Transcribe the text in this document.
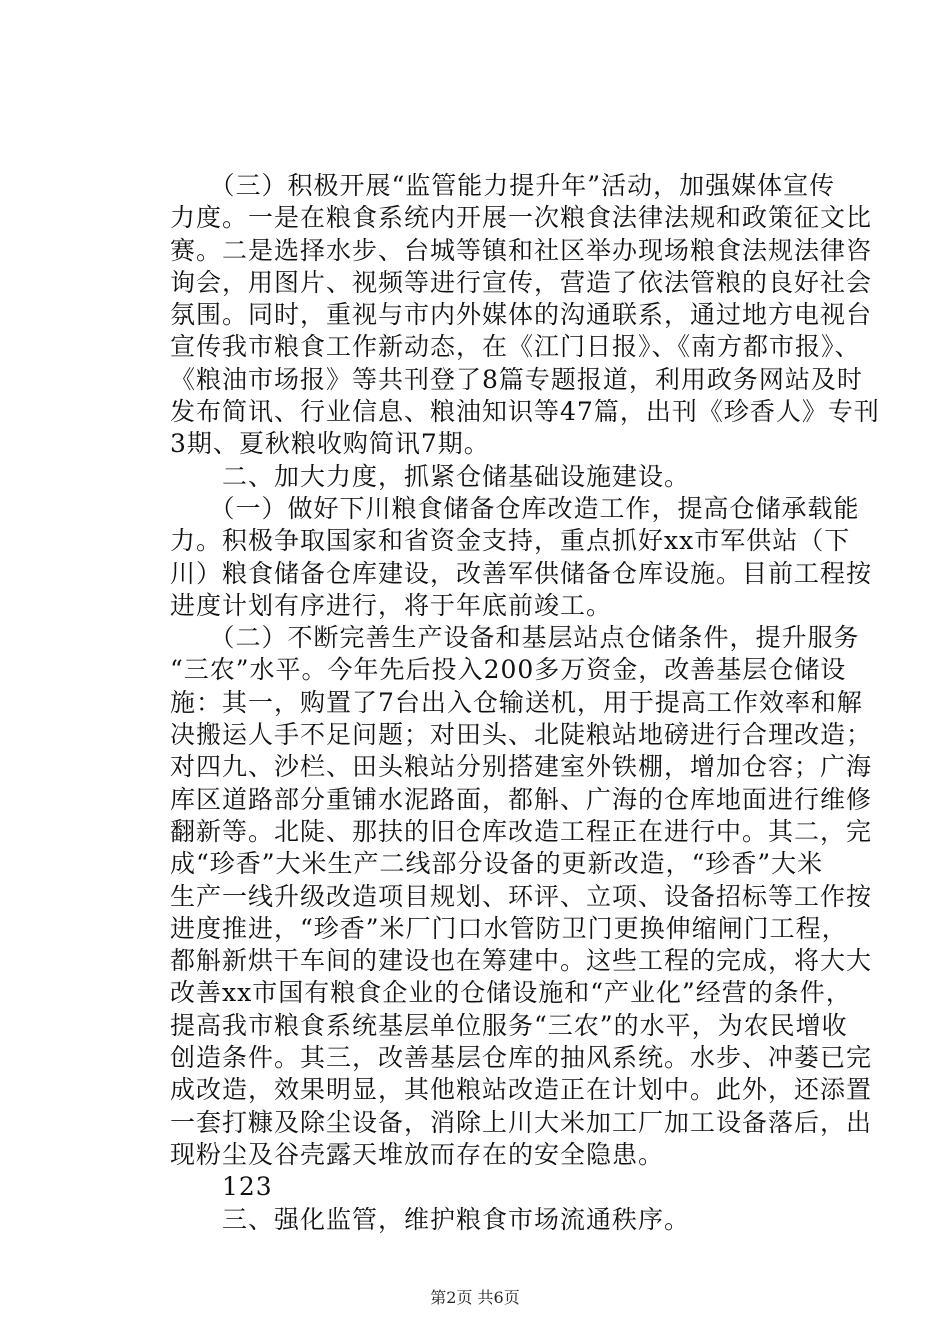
　　（三）积极开展“监管能力提升年”活动，加强媒体宣传
力度。一是在粮食系统内开展一次粮食法律法规和政策征文比
赛。二是选择水步、台城等镇和社区举办现场粮食法规法律咨
询会，用图片、视频等进行宣传，营造了依法管粮的良好社会
氛围。同时，重视与市内外媒体的沟通联系，通过地方电视台
宣传我市粮食工作新动态，在《江门日报》、《南方都市报》、
《粮油市场报》等共刊登了8篇专题报道，利用政务网站及时
发布简讯、行业信息、粮油知识等47篇，出刊《珍香人》专刊
3期、夏秋粮收购简讯7期。
　　二、加大力度，抓紧仓储基础设施建设。
　　（一）做好下川粮食储备仓库改造工作，提高仓储承载能
力。积极争取国家和省资金支持，重点抓好xx市军供站（下
川）粮食储备仓库建设，改善军供储备仓库设施。目前工程按
进度计划有序进行，将于年底前竣工。
　　（二）不断完善生产设备和基层站点仓储条件，提升服务
“三农”水平。今年先后投入200多万资金，改善基层仓储设
施：其一，购置了7台出入仓输送机，用于提高工作效率和解
决搬运人手不足问题；对田头、北陡粮站地磅进行合理改造；
对四九、沙栏、田头粮站分别搭建室外铁棚，增加仓容；广海
库区道路部分重铺水泥路面，都斛、广海的仓库地面进行维修
翻新等。北陡、那扶的旧仓库改造工程正在进行中。其二，完
成“珍香”大米生产二线部分设备的更新改造，“珍香”大米
生产一线升级改造项目规划、环评、立项、设备招标等工作按
进度推进，“珍香”米厂门口水管防卫门更换伸缩闸门工程，
都斛新烘干车间的建设也在筹建中。这些工程的完成，将大大
改善xx市国有粮食企业的仓储设施和“产业化”经营的条件，
提高我市粮食系统基层单位服务“三农”的水平，为农民增收
创造条件。其三，改善基层仓库的抽风系统。水步、冲蒌已完
成改造，效果明显，其他粮站改造正在计划中。此外，还添置
一套打糠及除尘设备，消除上川大米加工厂加工设备落后，出
现粉尘及谷壳露天堆放而存在的安全隐患。
　　123
　　三、强化监管，维护粮食市场流通秩序。
第2页 共6页
